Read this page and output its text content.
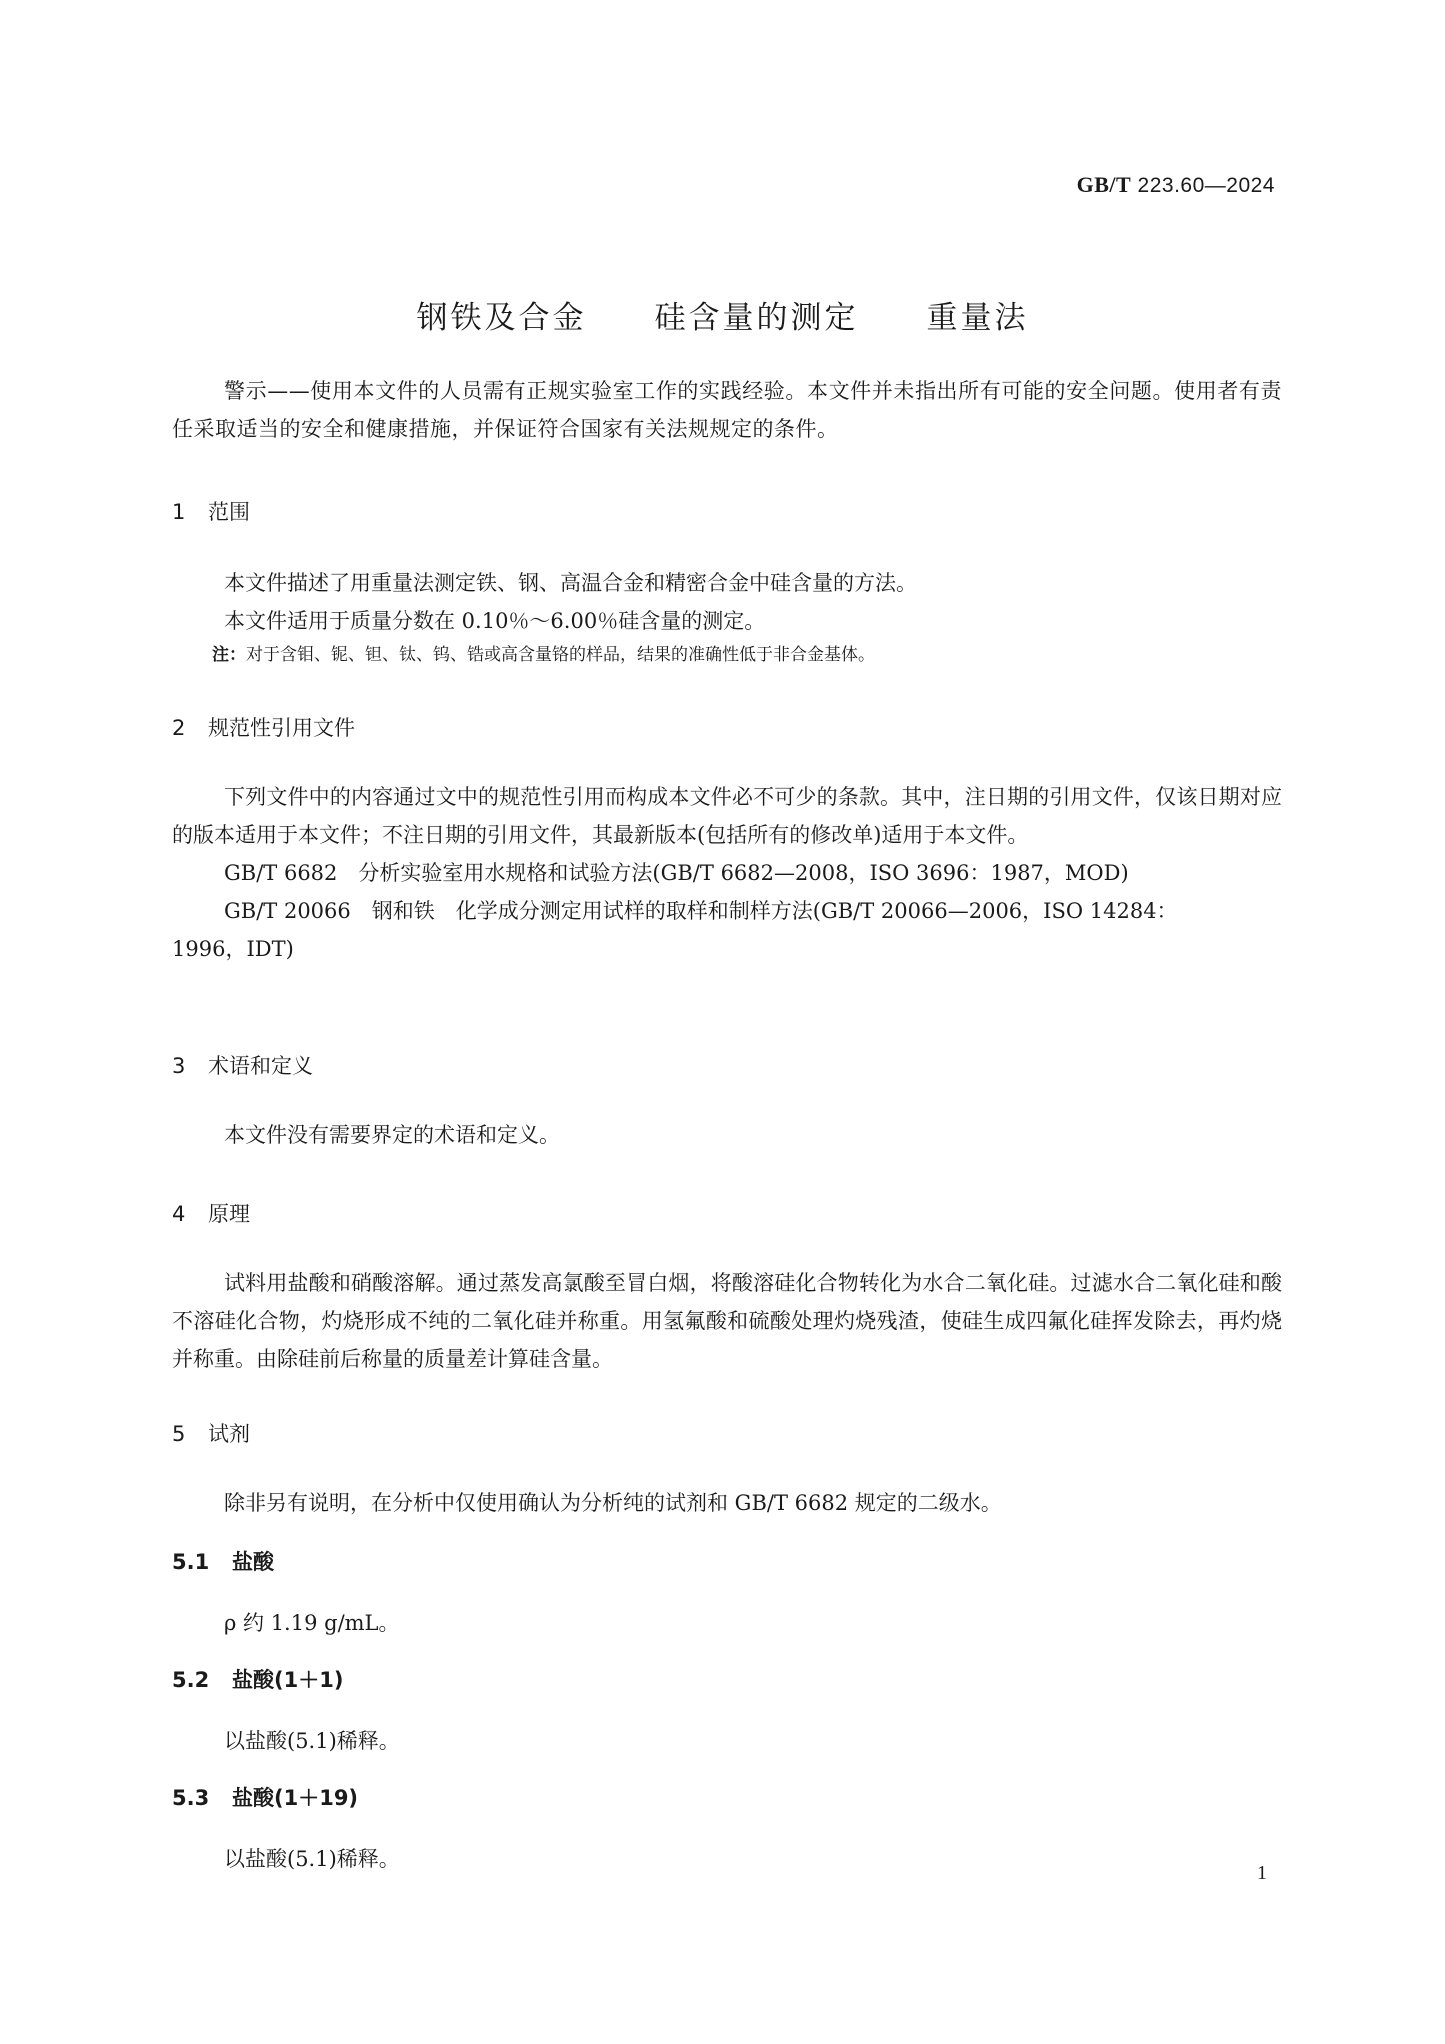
GB/T 223.60—2024
钢铁及合金　　硅含量的测定　　重量法

警示——使用本文件的人员需有正规实验室工作的实践经验。本文件并未指出所有可能的安全问题。使用者有责任采取适当的安全和健康措施，并保证符合国家有关法规规定的条件。

1 范围

本文件描述了用重量法测定铁、钢、高温合金和精密合金中硅含量的方法。

本文件适用于质量分数在 0.10％～6.00％硅含量的测定。

注：对于含钼、铌、钽、钛、钨、锆或高含量铬的样品，结果的准确性低于非合金基体。
2 规范性引用文件

下列文件中的内容通过文中的规范性引用而构成本文件必不可少的条款。其中，注日期的引用文件，仅该日期对应的版本适用于本文件；不注日期的引用文件，其最新版本(包括所有的修改单)适用于本文件。

GB/T 6682　分析实验室用水规格和试验方法(GB/T 6682—2008，ISO 3696：1987，MOD)

GB/T 20066　钢和铁　化学成分测定用试样的取样和制样方法(GB/T 20066—2006，ISO 14284：

1996，IDT)

3 术语和定义

本文件没有需要界定的术语和定义。

4 原理

试料用盐酸和硝酸溶解。通过蒸发高氯酸至冒白烟，将酸溶硅化合物转化为水合二氧化硅。过滤水合二氧化硅和酸不溶硅化合物，灼烧形成不纯的二氧化硅并称重。用氢氟酸和硫酸处理灼烧残渣，使硅生成四氟化硅挥发除去，再灼烧并称重。由除硅前后称量的质量差计算硅含量。

5 试剂

除非另有说明，在分析中仅使用确认为分析纯的试剂和 GB/T 6682 规定的二级水。

5.1 盐酸

ρ 约 1.19 g/mL。

5.2 盐酸(1＋1)

以盐酸(5.1)稀释。

5.3 盐酸(1＋19)

以盐酸(5.1)稀释。

1
